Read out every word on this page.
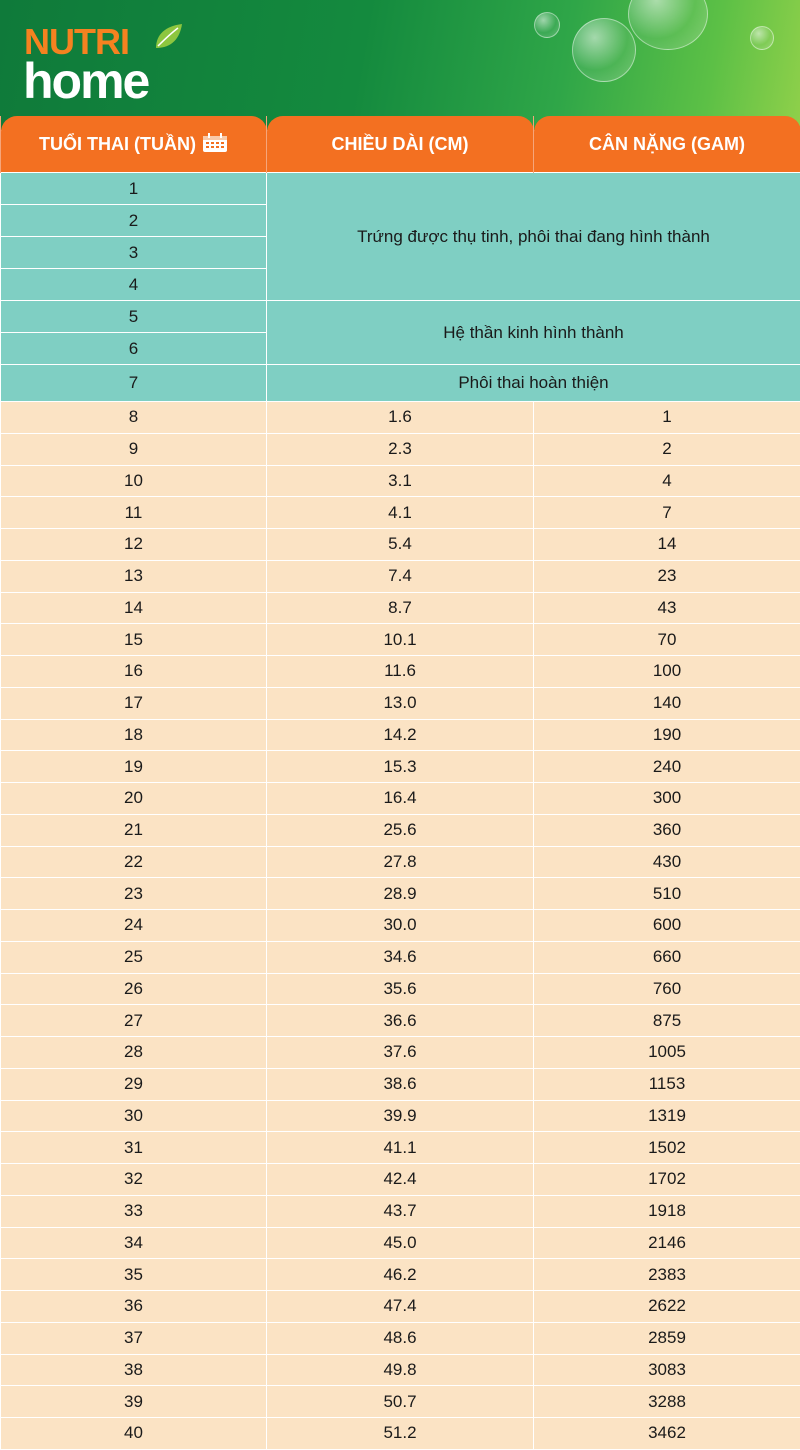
NUTRI
home
TUỔI THAI (TUẦN)	CHIỀU DÀI (CM)	CÂN NẶNG (GAM)
1	Trứng được thụ tinh, phôi thai đang hình thành	
2		
3		
4		
5	Hệ thần kinh hình thành	
6		
7	Phôi thai hoàn thiện	
8	1.6	1
9	2.3	2
10	3.1	4
11	4.1	7
12	5.4	14
13	7.4	23
14	8.7	43
15	10.1	70
16	11.6	100
17	13.0	140
18	14.2	190
19	15.3	240
20	16.4	300
21	25.6	360
22	27.8	430
23	28.9	510
24	30.0	600
25	34.6	660
26	35.6	760
27	36.6	875
28	37.6	1005
29	38.6	1153
30	39.9	1319
31	41.1	1502
32	42.4	1702
33	43.7	1918
34	45.0	2146
35	46.2	2383
36	47.4	2622
37	48.6	2859
38	49.8	3083
39	50.7	3288
40	51.2	3462
